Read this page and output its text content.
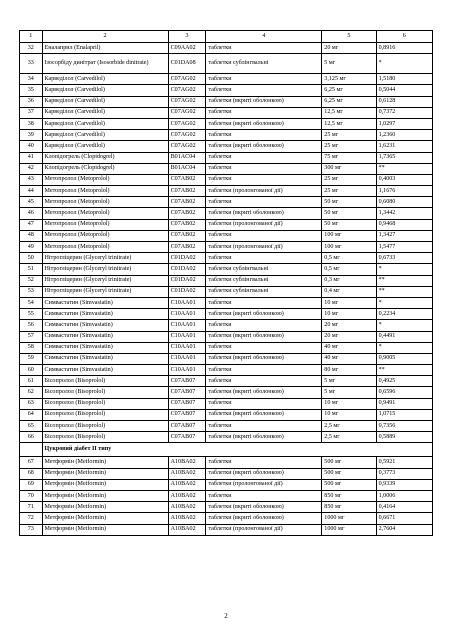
1	2	3	4	5	6
32	Еналаприл (Enalapril)	C09AA02	таблетки	20 мг	0,8916
33	Ізосорбіду динітрат (Isosorbide dinitrate)	C01DA08	таблетки сублінгвальні	5 мг	*
34	Карведілол (Carvedilol)	C07AG02	таблетки	3,125 мг	1,5180
35	Карведілол (Carvedilol)	C07AG02	таблетки	6,25 мг	0,5044
36	Карведілол (Carvedilol)	C07AG02	таблетки (вкриті оболонкою)	6,25 мг	0,6128
37	Карведілол (Carvedilol)	C07AG02	таблетки	12,5 мг	0,7372
38	Карведілол (Carvedilol)	C07AG02	таблетки (вкриті оболонкою)	12,5 мг	1,0297
39	Карведілол (Carvedilol)	C07AG02	таблетки	25 мг	1,2360
40	Карведілол (Carvedilol)	C07AG02	таблетки (вкриті оболонкою)	25 мг	1,6231
41	Клопідогрель (Clopidogrel)	B01AC04	таблетки	75 мг	1,7365
42	Клопідогрель (Clopidogrel)	B01AC04	таблетки	300 мг	**
43	Метопролол (Metoprolol)	C07AB02	таблетки	25 мг	0,4003
44	Метопролол (Metoprolol)	C07AB02	таблетки (пролонгованої дії)	25 мг	1,1676
45	Метопролол (Metoprolol)	C07AB02	таблетки	50 мг	0,6080
46	Метопролол (Metoprolol)	C07AB02	таблетки (вкриті оболонкою)	50 мг	1,3442
47	Метопролол (Metoprolol)	C07AB02	таблетки (пролонгованої дії)	50 мг	0,9468
48	Метопролол (Metoprolol)	C07AB02	таблетки	100 мг	1,3427
49	Метопролол (Metoprolol)	C07AB02	таблетки (пролонгованої дії)	100 мг	1,5477
50	Нітрогліцерин (Glyceryl trinitrate)	C01DA02	таблетки	0,5 мг	0,6733
51	Нітрогліцерин (Glyceryl trinitrate)	C01DA02	таблетки сублінгвальні	0,5 мг	*
52	Нітрогліцерин (Glyceryl trinitrate)	C01DA02	таблетки сублінгвальні	0,3 мг	**
53	Нітрогліцерин (Glyceryl trinitrate)	C01DA02	таблетки сублінгвальні	0,4 мг	**
54	Симвастатин (Simvastatin)	C10AA01	таблетки	10 мг	*
55	Симвастатин (Simvastatin)	C10AA01	таблетки (вкриті оболонкою)	10 мг	0,2234
56	Симвастатин (Simvastatin)	C10AA01	таблетки	20 мг	*
57	Симвастатин (Simvastatin)	C10AA01	таблетки (вкриті оболонкою)	20 мг	0,4491
58	Симвастатин (Simvastatin)	C10AA01	таблетки	40 мг	*
59	Симвастатин (Simvastatin)	C10AA01	таблетки (вкриті оболонкою)	40 мг	0,9005
60	Симвастатин (Simvastatin)	C10AA01	таблетки	80 мг	**
61	Бісопролол (Bisoprolol)	C07AB07	таблетки	5 мг	0,4925
62	Бісопролол (Bisoprolol)	C07AB07	таблетки (вкриті оболонкою)	5 мг	0,6596
63	Бісопролол (Bisoprolol)	C07AB07	таблетки	10 мг	0,9491
64	Бісопролол (Bisoprolol)	C07AB07	таблетки (вкриті оболонкою)	10 мг	1,0715
65	Бісопролол (Bisoprolol)	C07AB07	таблетки	2,5 мг	0,7356
66	Бісопролол (Bisoprolol)	C07AB07	таблетки (вкриті оболонкою)	2,5 мг	0,5889
	Цукровий діабет II типу				
67	Метформін (Metformin)	A10BA02	таблетки	500 мг	0,5921
68	Метформін (Metformin)	A10BA02	таблетки (вкриті оболонкою)	500 мг	0,3773
69	Метформін (Metformin)	A10BA02	таблетки (пролонгованої дії)	500 мг	0,9339
70	Метформін (Metformin)	A10BA02	таблетки	850 мг	1,0006
71	Метформін (Metformin)	A10BA02	таблетки (вкриті оболонкою)	850 мг	0,4164
72	Метформін (Metformin)	A10BA02	таблетки (вкриті оболонкою)	1000 мг	0,6671
73	Метформін (Metformin)	A10BA02	таблетки (пролонгованої дії)	1000 мг	2,7604
2
